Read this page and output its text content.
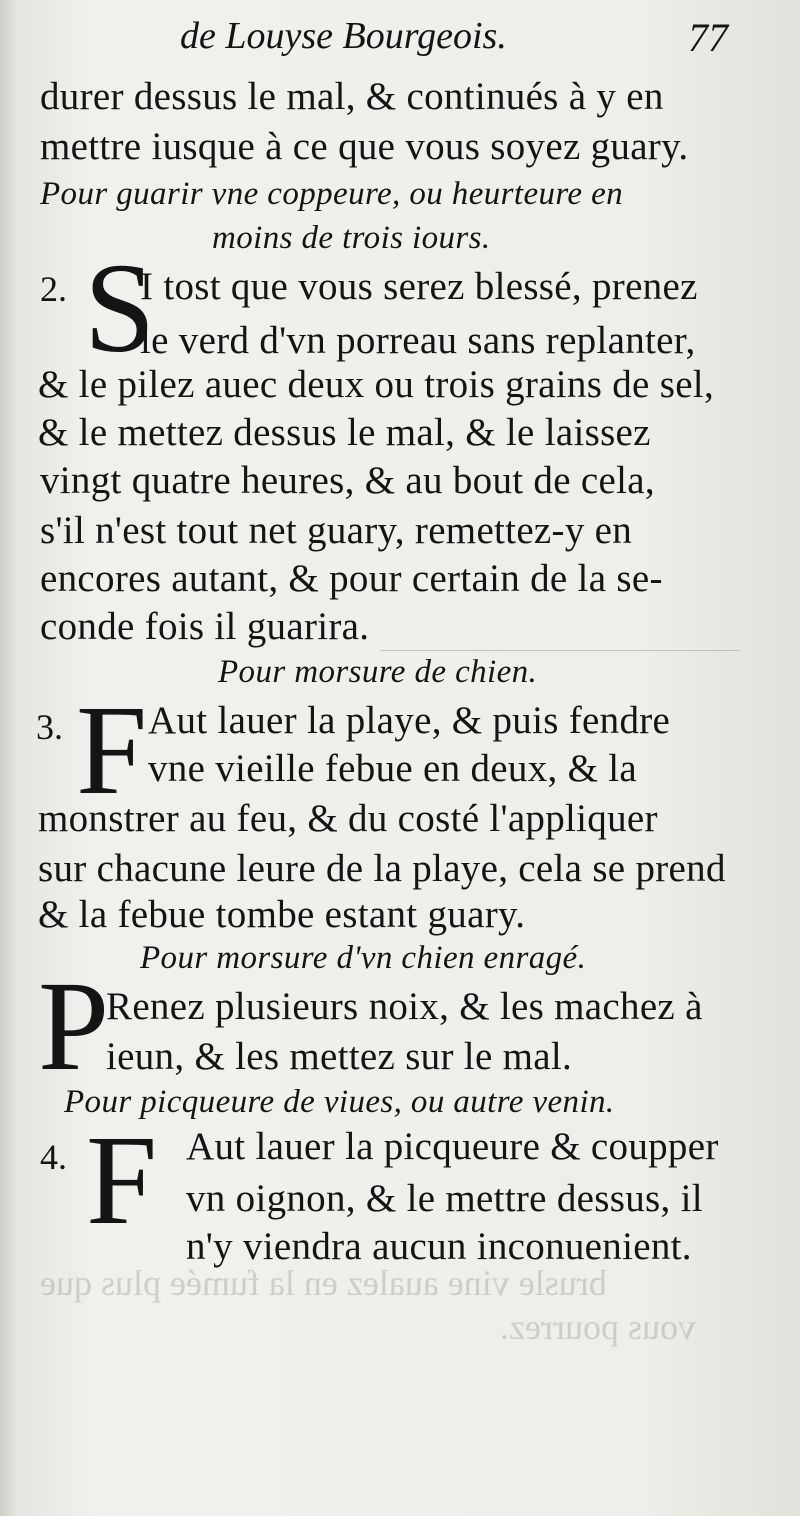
brusle vine aualez en la fumée plus que
vous pourrez.
de Louyse Bourgeois.	77
durer dessus le mal, & continués à y en
mettre iusque à ce que vous soyez guary.
Pour guarir vne coppeure, ou heurteure en
moins de trois iours.
2. S
I tost que vous serez blessé, prenez
le verd d'vn porreau sans replanter,
& le pilez auec deux ou trois grains de sel,
& le mettez dessus le mal, & le laissez
vingt quatre heures, & au bout de cela,
s'il n'est tout net guary, remettez-y en
encores autant, & pour certain de la se-
conde fois il guarira.
Pour morsure de chien.
3. F Aut lauer la playe, & puis fendre
vne vieille febue en deux, & la
monstrer au feu, & du costé l'appliquer
sur chacune leure de la playe, cela se prend
& la febue tombe estant guary.
Pour morsure d'vn chien enragé.
P
Renez plusieurs noix, & les machez à
ieun, & les mettez sur le mal.
Pour picqueure de viues, ou autre venin.
4. F Aut lauer la picqueure & coupper
vn oignon, & le mettre dessus, il
n'y viendra aucun inconuenient.
